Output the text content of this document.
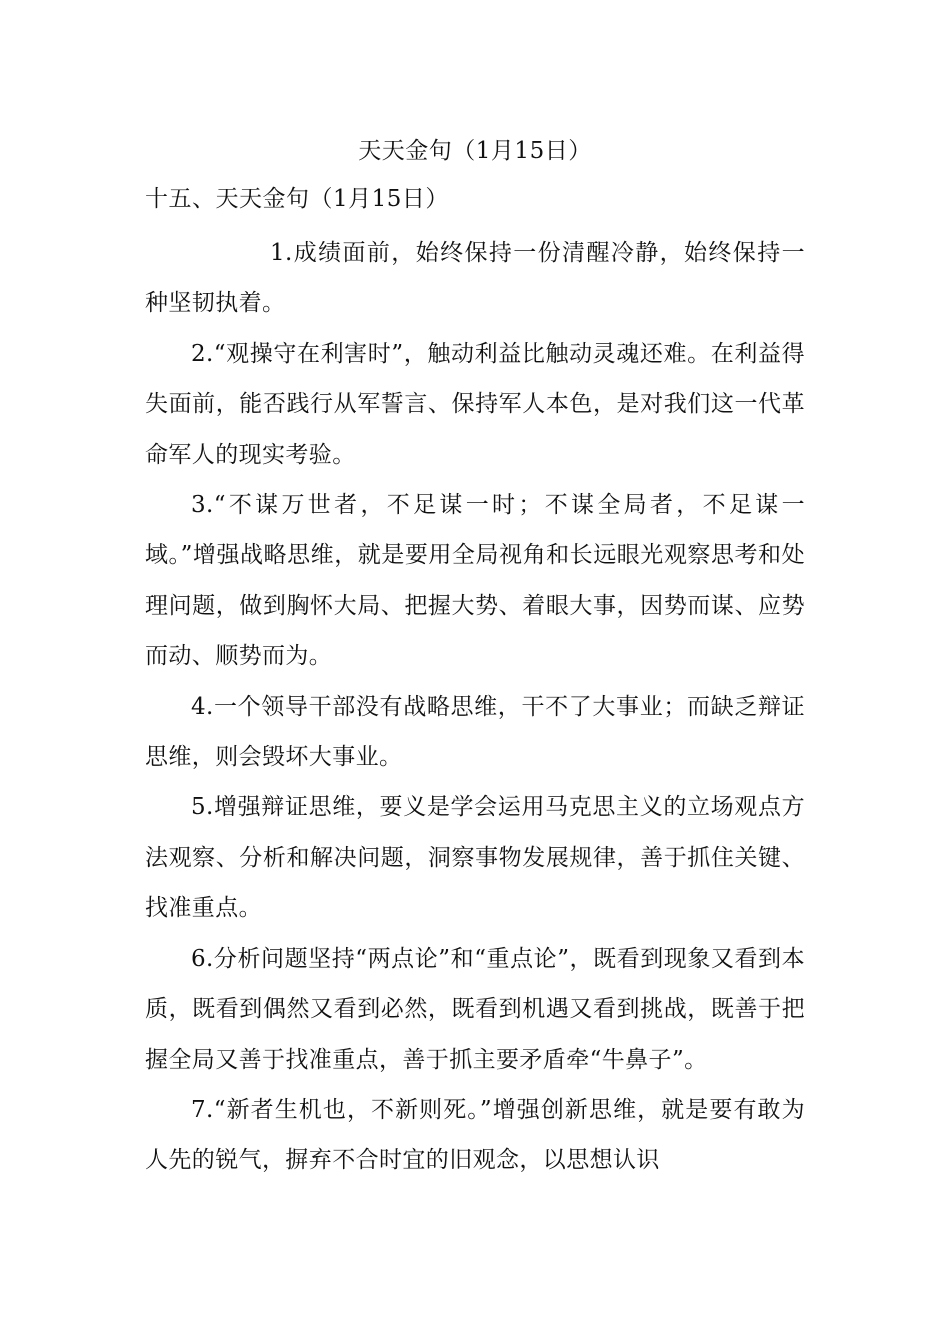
天天金句（1月15日）
十五、天天金句（1月15日）

1.成绩面前，始终保持一份清醒冷静，始终保持一种坚韧执着。

2.“观操守在利害时”，触动利益比触动灵魂还难。在利益得失面前，能否践行从军誓言、保持军人本色，是对我们这一代革命军人的现实考验。

3.“不谋万世者，不足谋一时；不谋全局者，不足谋一域。”增强战略思维，就是要用全局视角和长远眼光观察思考和处理问题，做到胸怀大局、把握大势、着眼大事，因势而谋、应势而动、顺势而为。

4.一个领导干部没有战略思维，干不了大事业；而缺乏辩证思维，则会毁坏大事业。

5.增强辩证思维，要义是学会运用马克思主义的立场观点方法观察、分析和解决问题，洞察事物发展规律，善于抓住关键、找准重点。

6.分析问题坚持“两点论”和“重点论”，既看到现象又看到本质，既看到偶然又看到必然，既看到机遇又看到挑战，既善于把握全局又善于找准重点，善于抓主要矛盾牵“牛鼻子”。

7.“新者生机也，不新则死。”增强创新思维，就是要有敢为人先的锐气，摒弃不合时宜的旧观念，以思想认识
